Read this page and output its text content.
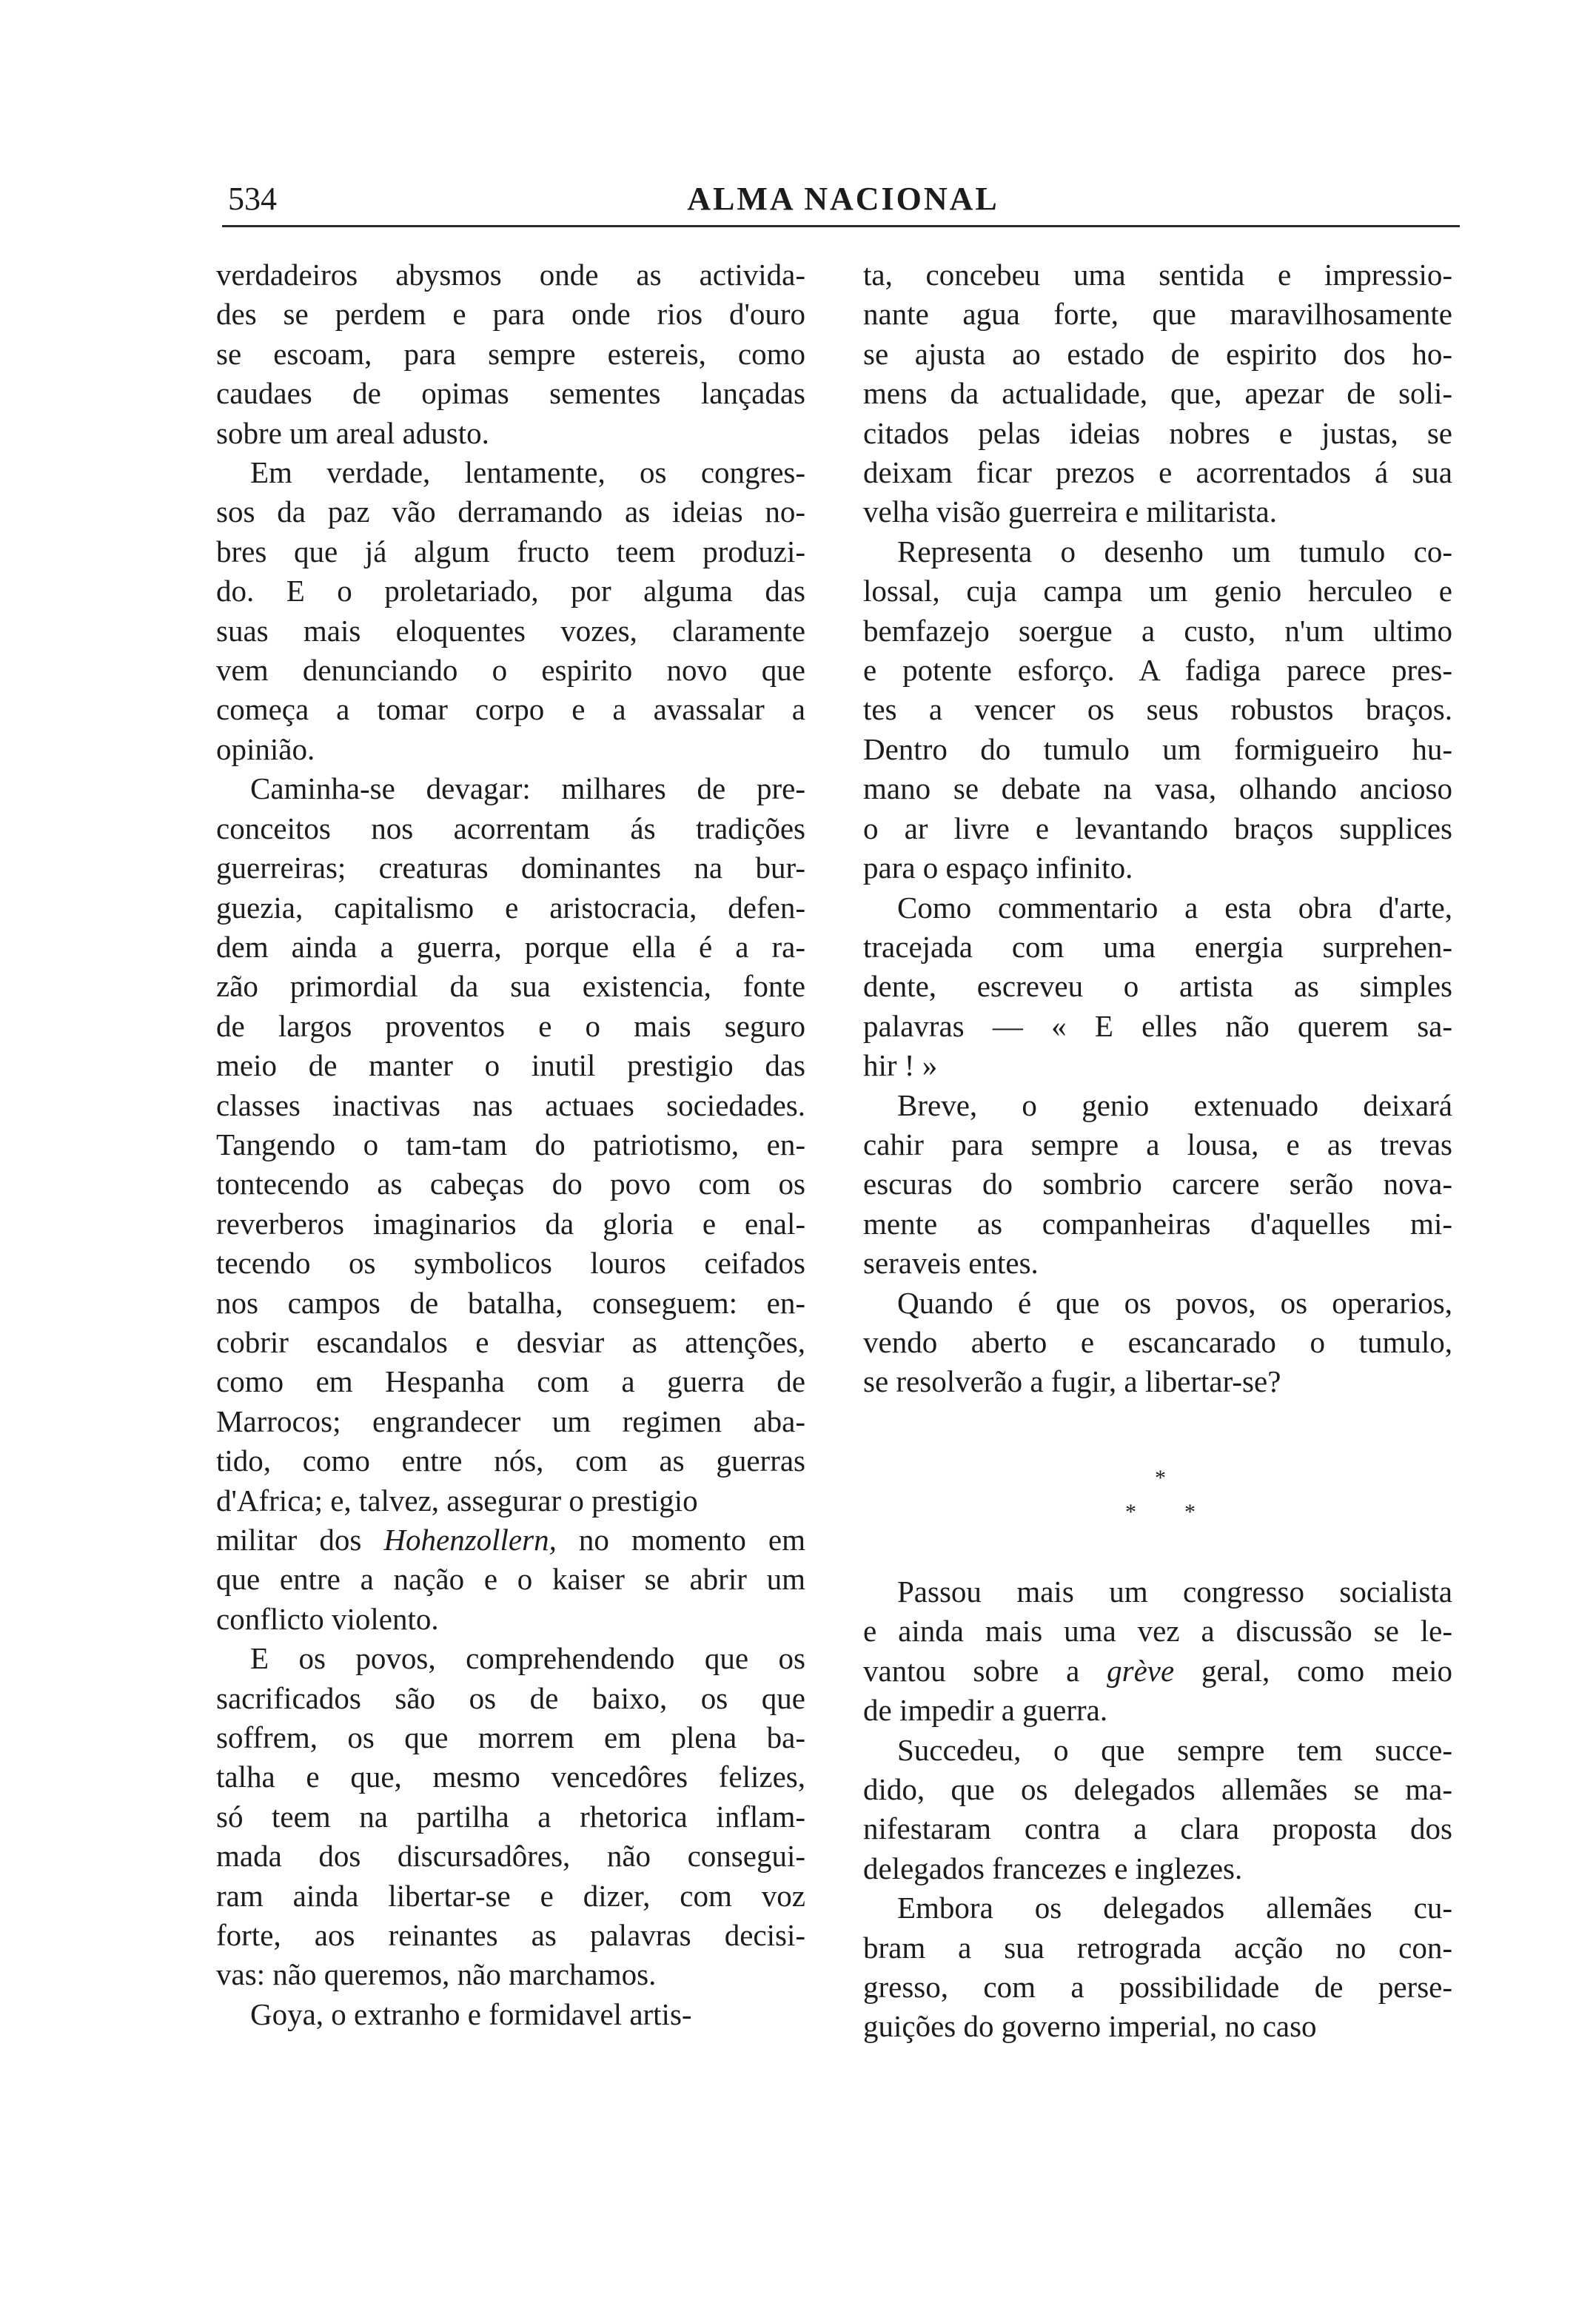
534	ALMA NACIONAL

verdadeiros abysmos onde as activida-
des se perdem e para onde rios d'ouro
se escoam, para sempre estereis, como
caudaes de opimas sementes lançadas
sobre um areal adusto.

Em verdade, lentamente, os congres-
sos da paz vão derramando as ideias no-
bres que já algum fructo teem produzi-
do. E o proletariado, por alguma das
suas mais eloquentes vozes, claramente
vem denunciando o espirito novo que
começa a tomar corpo e a avassalar a
opinião.

Caminha-se devagar: milhares de pre-
conceitos nos acorrentam ás tradições
guerreiras; creaturas dominantes na bur-
guezia, capitalismo e aristocracia, defen-
dem ainda a guerra, porque ella é a ra-
zão primordial da sua existencia, fonte
de largos proventos e o mais seguro
meio de manter o inutil prestigio das
classes inactivas nas actuaes sociedades.
Tangendo o tam-tam do patriotismo, en-
tontecendo as cabeças do povo com os
reverberos imaginarios da gloria e enal-
tecendo os symbolicos louros ceifados
nos campos de batalha, conseguem: en-
cobrir escandalos e desviar as attenções,
como em Hespanha com a guerra de
Marrocos; engrandecer um regimen aba-
tido, como entre nós, com as guerras
d'Africa; e, talvez, assegurar o prestigio

militar dos Hohenzollern, no momento em
que entre a nação e o kaiser se abrir um
conflicto violento.

E os povos, comprehendendo que os
sacrificados são os de baixo, os que
soffrem, os que morrem em plena ba-
talha e que, mesmo vencedôres felizes,
só teem na partilha a rhetorica inflam-
mada dos discursadôres, não consegui-
ram ainda libertar-se e dizer, com voz
forte, aos reinantes as palavras decisi-
vas: não queremos, não marchamos.

Goya, o extranho e formidavel artis-

ta, concebeu uma sentida e impressio-
nante agua forte, que maravilhosamente
se ajusta ao estado de espirito dos ho-
mens da actualidade, que, apezar de soli-
citados pelas ideias nobres e justas, se
deixam ficar prezos e acorrentados á sua
velha visão guerreira e militarista.

Representa o desenho um tumulo co-
lossal, cuja campa um genio herculeo e
bemfazejo soergue a custo, n'um ultimo
e potente esforço. A fadiga parece pres-
tes a vencer os seus robustos braços.
Dentro do tumulo um formigueiro hu-
mano se debate na vasa, olhando ancioso
o ar livre e levantando braços supplices
para o espaço infinito.

Como commentario a esta obra d'arte,
tracejada com uma energia surprehen-
dente, escreveu o artista as simples
palavras — « E elles não querem sa-
hir ! »

Breve, o genio extenuado deixará
cahir para sempre a lousa, e as trevas
escuras do sombrio carcere serão nova-
mente as companheiras d'aquelles mi-
seraveis entes.

Quando é que os povos, os operarios,
vendo aberto e escancarado o tumulo,
se resolverão a fugir, a libertar-se?

*
* *

Passou mais um congresso socialista
e ainda mais uma vez a discussão se le-
vantou sobre a grève geral, como meio
de impedir a guerra.

Succedeu, o que sempre tem succe-
dido, que os delegados allemães se ma-
nifestaram contra a clara proposta dos
delegados francezes e inglezes.

Embora os delegados allemães cu-
bram a sua retrograda acção no con-
gresso, com a possibilidade de perse-
guições do governo imperial, no caso
